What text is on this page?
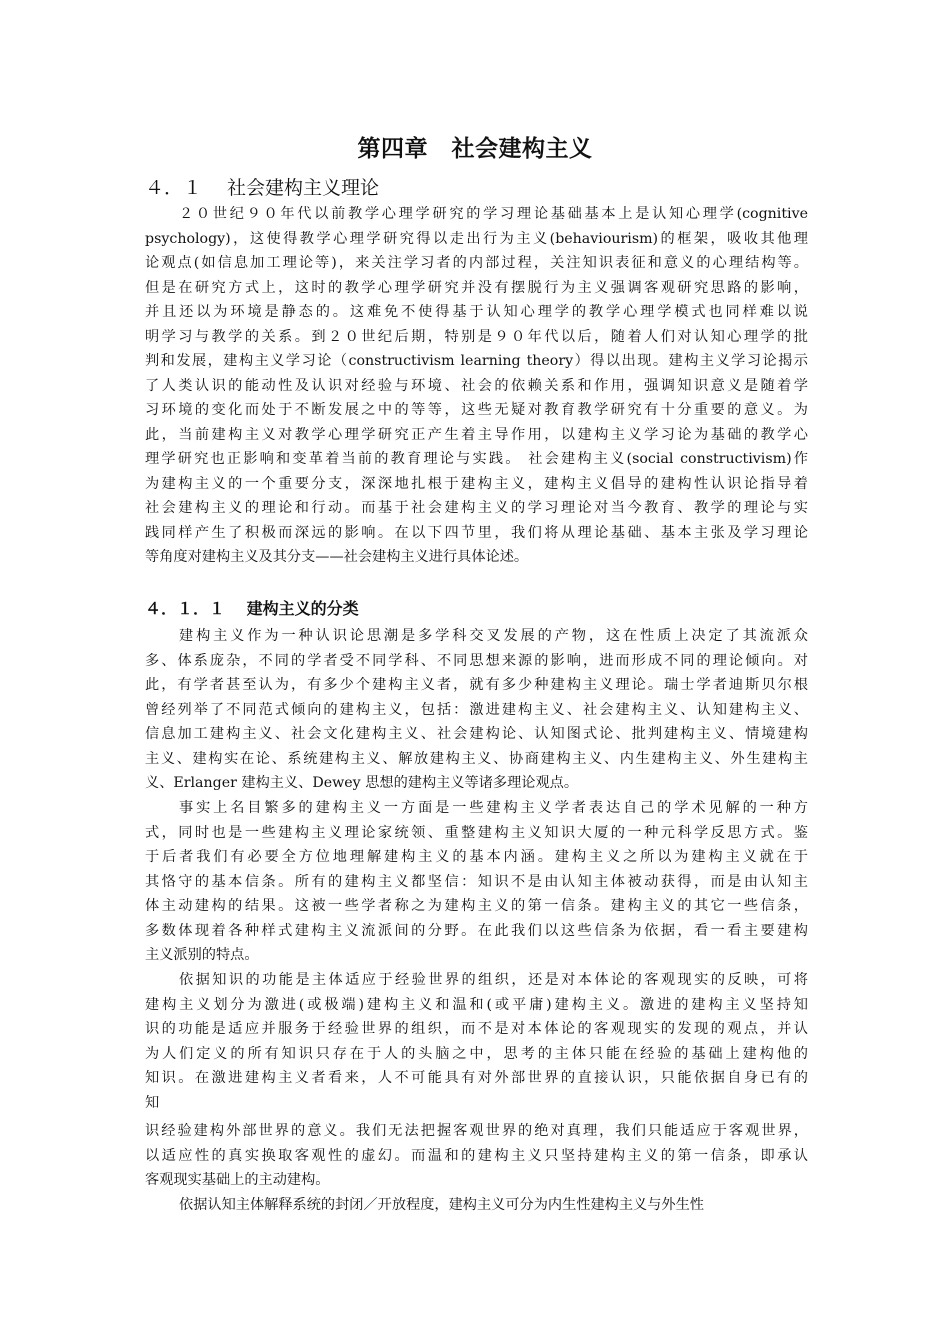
第四章　社会建构主义
４．１　 社会建构主义理论
４．１．１　 建构主义的分类
２０世纪９０年代以前教学心理学研究的学习理论基础基本上是认知心理学(cognitive
psychology)，这使得教学心理学研究得以走出行为主义(behaviourism)的框架，吸收其他理
论观点(如信息加工理论等)，来关注学习者的内部过程，关注知识表征和意义的心理结构等。
但是在研究方式上，这时的教学心理学研究并没有摆脱行为主义强调客观研究思路的影响，
并且还以为环境是静态的。这难免不使得基于认知心理学的教学心理学模式也同样难以说
明学习与教学的关系。到２０世纪后期，特别是９０年代以后，随着人们对认知心理学的批
判和发展，建构主义学习论（constructivism learning theory）得以出现。建构主义学习论揭示
了人类认识的能动性及认识对经验与环境、社会的依赖关系和作用，强调知识意义是随着学
习环境的变化而处于不断发展之中的等等，这些无疑对教育教学研究有十分重要的意义。为
此，当前建构主义对教学心理学研究正产生着主导作用，以建构主义学习论为基础的教学心
理学研究也正影响和变革着当前的教育理论与实践。 社会建构主义(social constructivism)作
为建构主义的一个重要分支，深深地扎根于建构主义，建构主义倡导的建构性认识论指导着
社会建构主义的理论和行动。而基于社会建构主义的学习理论对当今教育、教学的理论与实
践同样产生了积极而深远的影响。在以下四节里，我们将从理论基础、基本主张及学习理论
等角度对建构主义及其分支——社会建构主义进行具体论述。
建构主义作为一种认识论思潮是多学科交叉发展的产物，这在性质上决定了其流派众
多、体系庞杂，不同的学者受不同学科、不同思想来源的影响，进而形成不同的理论倾向。对
此，有学者甚至认为，有多少个建构主义者，就有多少种建构主义理论。瑞士学者迪斯贝尔根
曾经列举了不同范式倾向的建构主义，包括：激进建构主义、社会建构主义、认知建构主义、
信息加工建构主义、社会文化建构主义、社会建构论、认知图式论、批判建构主义、情境建构
主义、建构实在论、系统建构主义、解放建构主义、协商建构主义、内生建构主义、外生建构主
义、Erlanger 建构主义、Dewey 思想的建构主义等诸多理论观点。
事实上名目繁多的建构主义一方面是一些建构主义学者表达自己的学术见解的一种方
式，同时也是一些建构主义理论家统领、重整建构主义知识大厦的一种元科学反思方式。鉴
于后者我们有必要全方位地理解建构主义的基本内涵。建构主义之所以为建构主义就在于
其恪守的基本信条。所有的建构主义都坚信：知识不是由认知主体被动获得，而是由认知主
体主动建构的结果。这被一些学者称之为建构主义的第一信条。建构主义的其它一些信条，
多数体现着各种样式建构主义流派间的分野。在此我们以这些信条为依据，看一看主要建构
主义派别的特点。
依据知识的功能是主体适应于经验世界的组织，还是对本体论的客观现实的反映，可将
建构主义划分为激进(或极端)建构主义和温和(或平庸)建构主义。激进的建构主义坚持知
识的功能是适应并服务于经验世界的组织，而不是对本体论的客观现实的发现的观点，并认
为人们定义的所有知识只存在于人的头脑之中，思考的主体只能在经验的基础上建构他的
知识。在激进建构主义者看来，人不可能具有对外部世界的直接认识，只能依据自身已有的
知
识经验建构外部世界的意义。我们无法把握客观世界的绝对真理，我们只能适应于客观世界，
以适应性的真实换取客观性的虚幻。而温和的建构主义只坚持建构主义的第一信条，即承认
客观现实基础上的主动建构。
依据认知主体解释系统的封闭／开放程度，建构主义可分为内生性建构主义与外生性
